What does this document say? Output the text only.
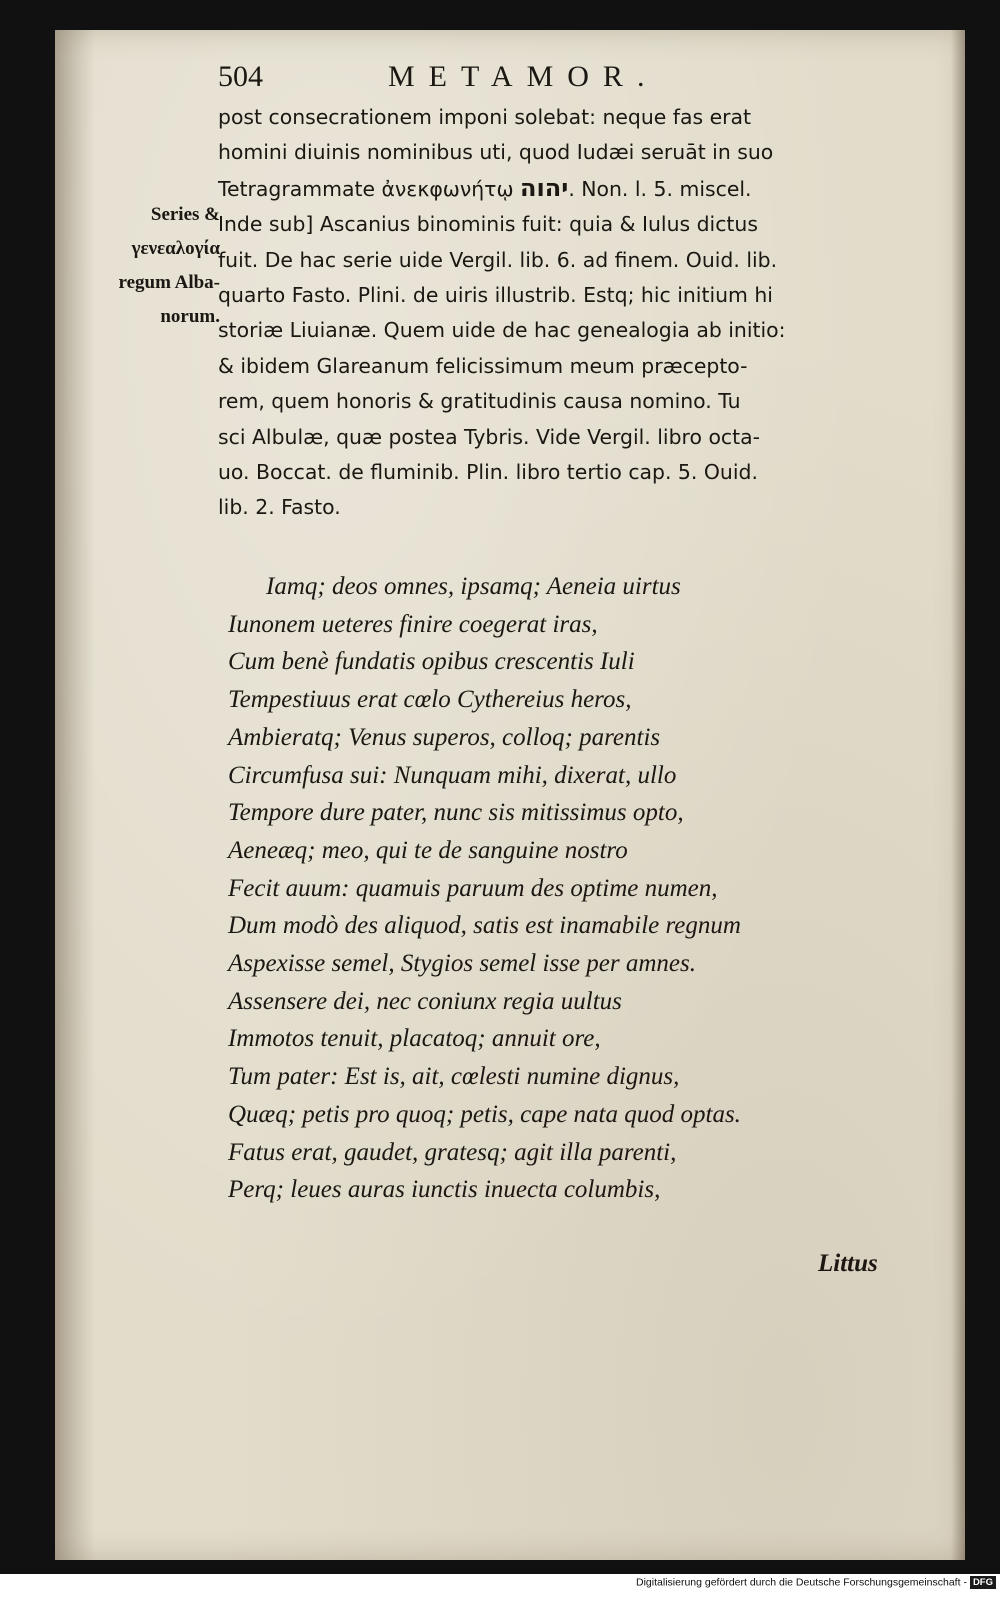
504	METAMOR.
Series &
γενεαλογία
regum Alba-
norum.
post consecrationem imponi solebat: neque fas erat
homini diuinis nominibus uti, quod Iudæi seruāt in suo
Tetragrammate ἀνεκφωνήτῳ יהוה. Non. l. 5. miscel.
Inde sub] Ascanius binominis fuit: quia & Iulus dictus
fuit. De hac serie uide Vergil. lib. 6. ad finem. Ouid. lib.
quarto Fasto. Plini. de uiris illustrib. Estq; hic initium hi
storiæ Liuianæ. Quem uide de hac genealogia ab initio:
& ibidem Glareanum felicissimum meum præcepto-
rem, quem honoris & gratitudinis causa nomino. Tu
sci Albulæ, quæ postea Tybris. Vide Vergil. libro octa-
uo. Boccat. de fluminib. Plin. libro tertio cap. 5. Ouid.
lib. 2. Fasto.
Iamq; deos omnes, ipsamq; Aeneia uirtus
Iunonem ueteres finire coegerat iras,
Cum benè fundatis opibus crescentis Iuli
Tempestiuus erat cœlo Cythereius heros,
Ambieratq; Venus superos, colloq; parentis
Circumfusa sui: Nunquam mihi, dixerat, ullo
Tempore dure pater, nunc sis mitissimus opto,
Aeneæq; meo, qui te de sanguine nostro
Fecit auum: quamuis paruum des optime numen,
Dum modò des aliquod, satis est inamabile regnum
Aspexisse semel, Stygios semel isse per amnes.
Assensere dei, nec coniunx regia uultus
Immotos tenuit, placatoq; annuit ore,
Tum pater: Est is, ait, cœlesti numine dignus,
Quæq; petis pro quoq; petis, cape nata quod optas.
Fatus erat, gaudet, gratesq; agit illa parenti,
Perq; leues auras iunctis inuecta columbis,
Littus
Digitalisierung gefördert durch die Deutsche Forschungsgemeinschaft - DFG
